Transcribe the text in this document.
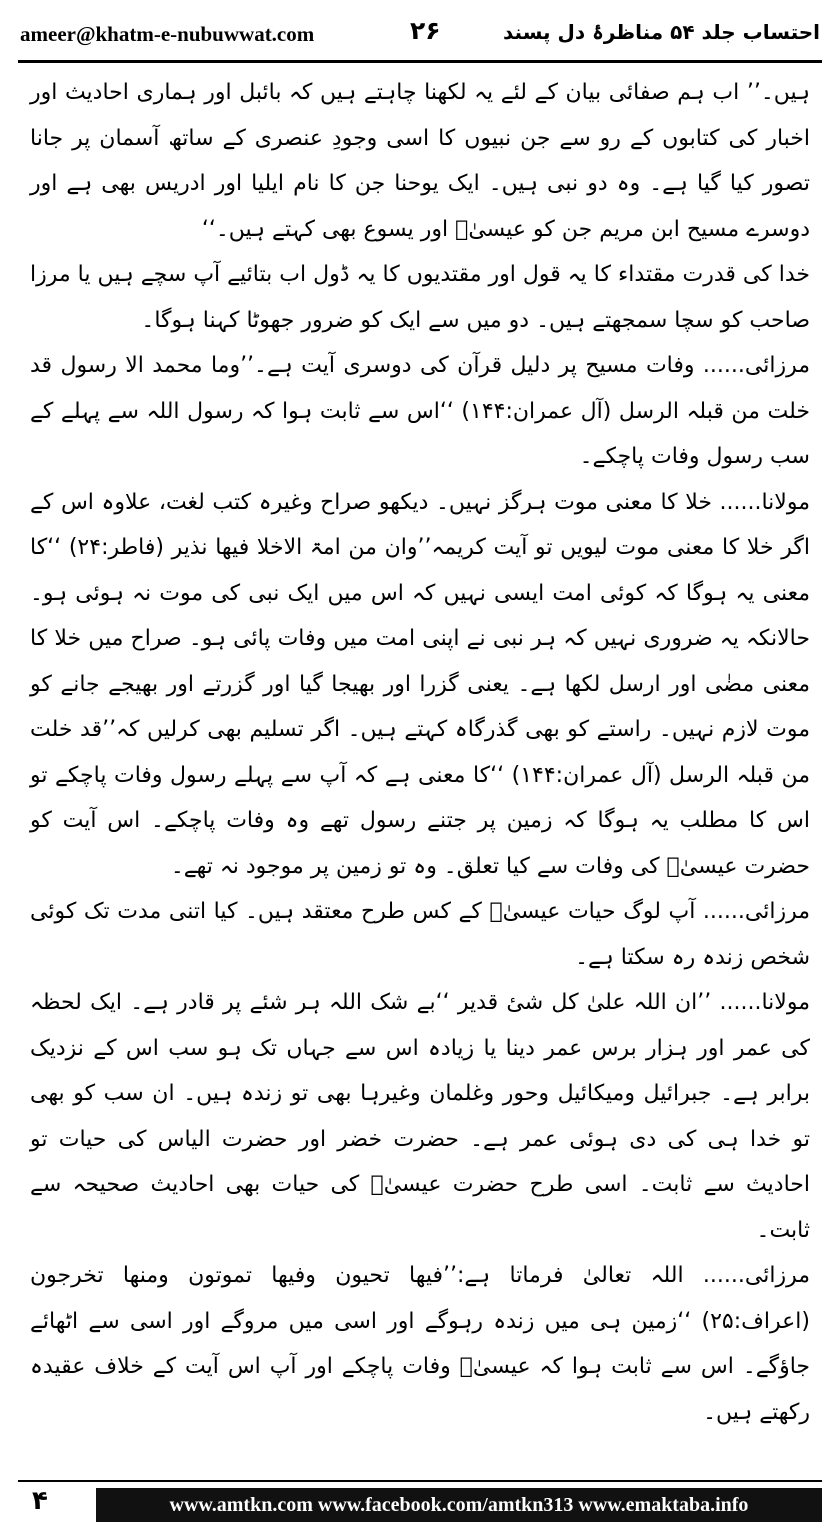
ameer@khatm-e-nubuwwat.com	۲۶	احتساب جلد ۵۴ مناظرۂ دل پسند

ہیں۔’’ اب ہم صفائی بیان کے لئے یہ لکھنا چاہتے ہیں کہ بائبل اور ہماری احادیث اور اخبار کی کتابوں کے رو سے جن نبیوں کا اسی وجودِ عنصری کے ساتھ آسمان پر جانا تصور کیا گیا ہے۔ وہ دو نبی ہیں۔ ایک یوحنا جن کا نام ایلیا اور ادریس بھی ہے اور دوسرے مسیح ابن مریم جن کو عیسیٰؑ اور یسوع بھی کہتے ہیں۔‘‘

خدا کی قدرت مقتداء کا یہ قول اور مقتدیوں کا یہ ڈول اب بتائیے آپ سچے ہیں یا مرزا صاحب کو سچا سمجھتے ہیں۔ دو میں سے ایک کو ضرور جھوٹا کہنا ہوگا۔

مرزائی...... وفات مسیح پر دلیل قرآن کی دوسری آیت ہے۔’’وما محمد الا رسول قد خلت من قبلہ الرسل (آل عمران:۱۴۴) ‘‘اس سے ثابت ہوا کہ رسول اللہ سے پہلے کے سب رسول وفات پاچکے۔

مولانا...... خلا کا معنی موت ہرگز نہیں۔ دیکھو صراح وغیرہ کتب لغت، علاوہ اس کے اگر خلا کا معنی موت لیویں تو آیت کریمہ’’وان من امۃ الاخلا فیھا نذیر (فاطر:۲۴) ‘‘کا معنی یہ ہوگا کہ کوئی امت ایسی نہیں کہ اس میں ایک نبی کی موت نہ ہوئی ہو۔ حالانکہ یہ ضروری نہیں کہ ہر نبی نے اپنی امت میں وفات پائی ہو۔ صراح میں خلا کا معنی مضٰی اور ارسل لکھا ہے۔ یعنی گزرا اور بھیجا گیا اور گزرتے اور بھیجے جانے کو موت لازم نہیں۔ راستے کو بھی گذرگاہ کہتے ہیں۔ اگر تسلیم بھی کرلیں کہ’’قد خلت من قبلہ الرسل (آل عمران:۱۴۴) ‘‘کا معنی ہے کہ آپ سے پہلے رسول وفات پاچکے تو اس کا مطلب یہ ہوگا کہ زمین پر جتنے رسول تھے وہ وفات پاچکے۔ اس آیت کو حضرت عیسیٰؑ کی وفات سے کیا تعلق۔ وہ تو زمین پر موجود نہ تھے۔

مرزائی...... آپ لوگ حیات عیسیٰؑ کے کس طرح معتقد ہیں۔ کیا اتنی مدت تک کوئی شخص زندہ رہ سکتا ہے۔

مولانا...... ’’ان اللہ علیٰ کل شیٔ قدیر ‘‘بے شک اللہ ہر شئے پر قادر ہے۔ ایک لحظہ کی عمر اور ہزار برس عمر دینا یا زیادہ اس سے جہاں تک ہو سب اس کے نزدیک برابر ہے۔ جبرائیل ومیکائیل وحور وغلمان وغیرہا بھی تو زندہ ہیں۔ ان سب کو بھی تو خدا ہی کی دی ہوئی عمر ہے۔ حضرت خضر اور حضرت الیاس کی حیات تو احادیث سے ثابت۔ اسی طرح حضرت عیسیٰؑ کی حیات بھی احادیث صحیحہ سے ثابت۔

مرزائی...... اللہ تعالیٰ فرماتا ہے:’’فیھا تحیون وفیھا تموتون ومنھا تخرجون (اعراف:۲۵) ‘‘زمین ہی میں زندہ رہوگے اور اسی میں مروگے اور اسی سے اٹھائے جاؤگے۔ اس سے ثابت ہوا کہ عیسیٰؑ وفات پاچکے اور آپ اس آیت کے خلاف عقیدہ رکھتے ہیں۔

۴	www.amtkn.com www.facebook.com/amtkn313 www.emaktaba.info
